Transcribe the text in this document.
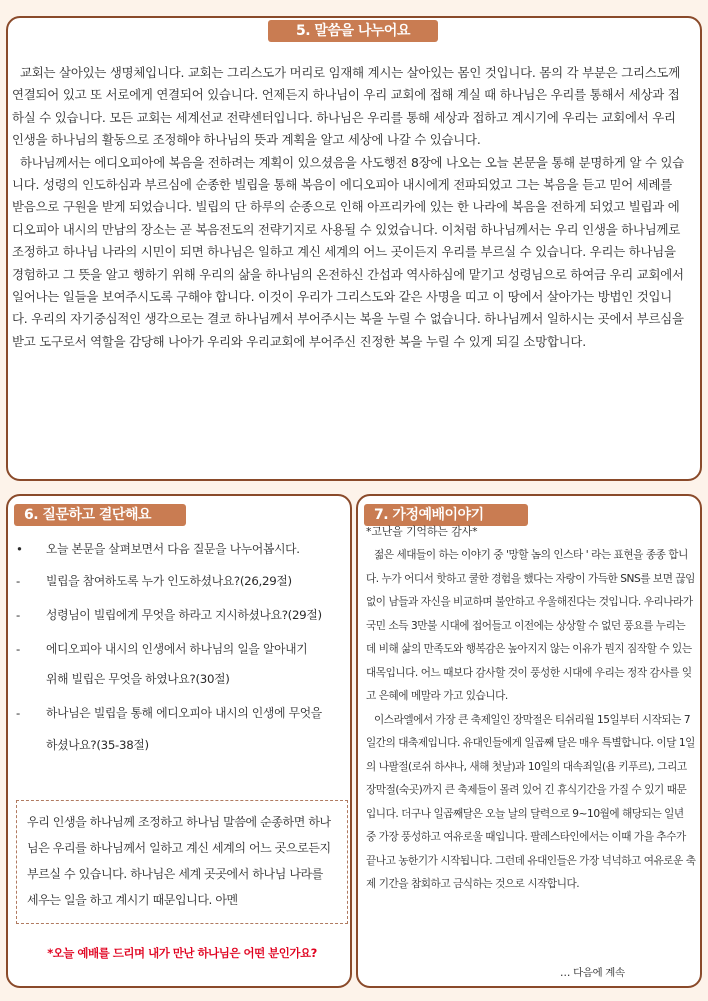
5. 말씀을 나누어요

교회는 살아있는 생명체입니다. 교회는 그리스도가 머리로 임재해 계시는 살아있는 몸인 것입니다. 몸의 각 부분은 그리스도께 연결되어 있고 또 서로에게 연결되어 있습니다. 언제든지 하나님이 우리 교회에 접해 계실 때 하나님은 우리를 통해서 세상과 접하실 수 있습니다. 모든 교회는 세계선교 전략센터입니다. 하나님은 우리를 통해 세상과 접하고 계시기에 우리는 교회에서 우리 인생을 하나님의 활동으로 조정해야 하나님의 뜻과 계획을 알고 세상에 나갈 수 있습니다.

하나님께서는 에디오피아에 복음을 전하려는 계획이 있으셨음을 사도행전 8장에 나오는 오늘 본문을 통해 분명하게 알 수 있습니다. 성령의 인도하심과 부르심에 순종한 빌립을 통해 복음이 에디오피아 내시에게 전파되었고 그는 복음을 듣고 믿어 세례를 받음으로 구원을 받게 되었습니다. 빌립의 단 하루의 순종으로 인해 아프리카에 있는 한 나라에 복음을 전하게 되었고 빌립과 에디오피아 내시의 만남의 장소는 곧 복음전도의 전략기지로 사용될 수 있었습니다. 이처럼 하나님께서는 우리 인생을 하나님께로 조정하고 하나님 나라의 시민이 되면 하나님은 일하고 계신 세계의 어느 곳이든지 우리를 부르실 수 있습니다. 우리는 하나님을 경험하고 그 뜻을 알고 행하기 위해 우리의 삶을 하나님의 온전하신 간섭과 역사하심에 맡기고 성령님으로 하여금 우리 교회에서 일어나는 일들을 보여주시도록 구해야 합니다. 이것이 우리가 그리스도와 같은 사명을 띠고 이 땅에서 살아가는 방법인 것입니다. 우리의 자기중심적인 생각으로는 결코 하나님께서 부어주시는 복을 누릴 수 없습니다. 하나님께서 일하시는 곳에서 부르심을 받고 도구로서 역할을 감당해 나아가 우리와 우리교회에 부어주신 진정한 복을 누릴 수 있게 되길 소망합니다.

6. 질문하고 결단해요
• 오늘 본문을 살펴보면서 다음 질문을 나누어봅시다.
- 빌립을 참여하도록 누가 인도하셨나요?(26,29절)
- 성령님이 빌립에게 무엇을 하라고 지시하셨나요?(29절)
- 에디오피아 내시의 인생에서 하나님의 일을 알아내기
위해 빌립은 무엇을 하였나요?(30절)
- 하나님은 빌립을 통해 에디오피아 내시의 인생에 무엇을
하셨나요?(35-38절)

우리 인생을 하나님께 조정하고 하나님 말씀에 순종하면 하나님은 우리를 하나님께서 일하고 계신 세계의 어느 곳으로든지 부르실 수 있습니다. 하나님은 세계 곳곳에서 하나님 나라를 세우는 일을 하고 계시기 때문입니다. 아멘

*오늘 예배를 드리며 내가 만난 하나님은 어떤 분인가요?
7. 가정예배이야기
*고난을 기억하는 감사*

젊은 세대들이 하는 이야기 중 '망할 놈의 인스타 ' 라는 표현을 종종 합니다. 누가 어디서 핫하고 쿨한 경험을 했다는 자랑이 가득한 SNS를 보면 끊임없이 남들과 자신을 비교하며 불안하고 우울해진다는 것입니다. 우리나라가 국민 소득 3만불 시대에 접어들고 이전에는 상상할 수 없던 풍요를 누리는 데 비해 삶의 만족도와 행복감은 높아지지 않는 이유가 뭔지 짐작할 수 있는 대목입니다. 어느 때보다 감사할 것이 풍성한 시대에 우리는 정작 감사를 잊고 은혜에 메말라 가고 있습니다.

이스라엘에서 가장 큰 축제일인 장막절은 티쉬리월 15일부터 시작되는 7일간의 대축제입니다. 유대인들에게 일곱째 달은 매우 특별합니다. 이달 1일의 나팔절(로쉬 하샤나, 새해 첫날)과 10일의 대속죄일(욤 키푸르), 그리고 장막절(숙곳)까지 큰 축제들이 몰려 있어 긴 휴식기간을 가질 수 있기 때문입니다. 더구나 일곱째달은 오늘 날의 달력으로 9~10월에 해당되는 일년 중 가장 풍성하고 여유로울 때입니다. 팔레스타인에서는 이때 가을 추수가 끝나고 농한기가 시작됩니다. 그런데 유대인들은 가장 넉넉하고 여유로운 축제 기간을 참회하고 금식하는 것으로 시작합니다.

… 다음에 계속
